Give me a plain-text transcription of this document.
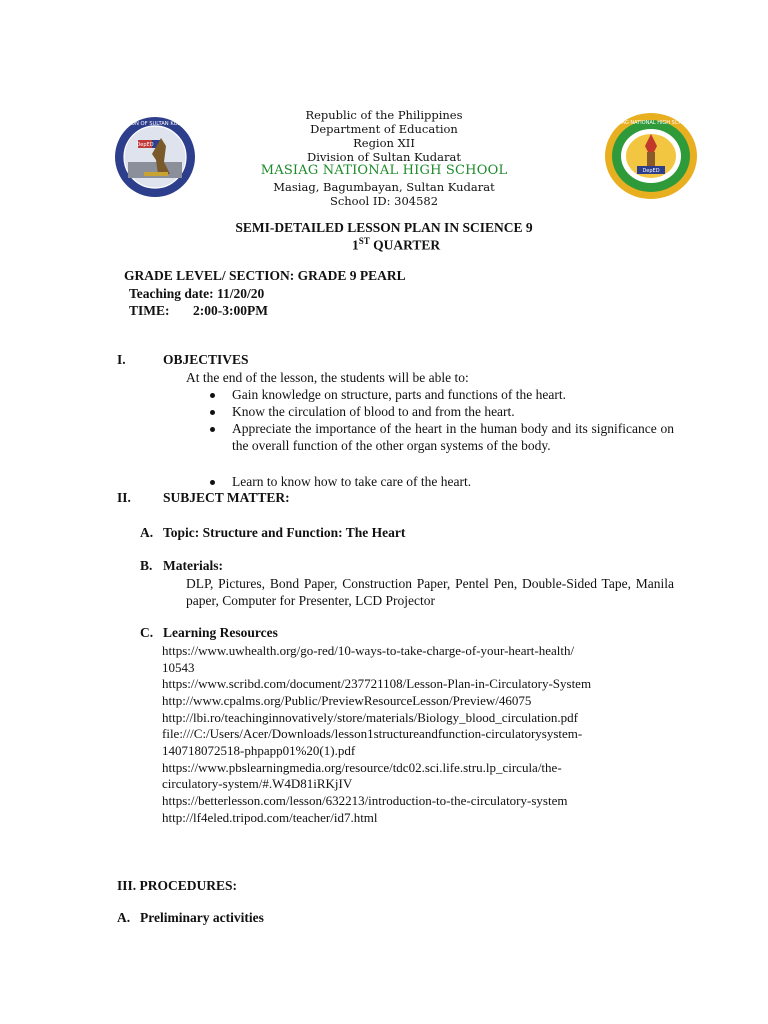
DIVISION OF SULTAN KUDARAT
DepED
DepED
MASIAG NATIONAL HIGH SCHOOL
Republic of the Philippines
Department of Education
Region XII
Division of Sultan Kudarat
MASIAG NATIONAL HIGH SCHOOL
Masiag, Bagumbayan, Sultan Kudarat
School ID: 304582
SEMI-DETAILED LESSON PLAN IN SCIENCE 9
1ST QUARTER
GRADE LEVEL/ SECTION: GRADE 9 PEARL
Teaching date: 11/20/20
TIME: 2:00-3:00PM
I.	OBJECTIVES
At the end of the lesson, the students will be able to:
Gain knowledge on structure, parts and functions of the heart.
Know the circulation of blood to and from the heart.
Appreciate the importance of the heart in the human body and its significance on the overall function of the other organ systems of the body.
Learn to know how to take care of the heart.
II. SUBJECT MATTER:
A. Topic: Structure and Function: The Heart
B. Materials:
DLP, Pictures, Bond Paper, Construction Paper, Pentel Pen, Double-Sided Tape, Manila paper, Computer for Presenter, LCD Projector
C. Learning Resources
https://www.uwhealth.org/go-red/10-ways-to-take-charge-of-your-heart-health/
10543
https://www.scribd.com/document/237721108/Lesson-Plan-in-Circulatory-System
http://www.cpalms.org/Public/PreviewResourceLesson/Preview/46075
http://lbi.ro/teachinginnovatively/store/materials/Biology_blood_circulation.pdf
file:///C:/Users/Acer/Downloads/lesson1structureandfunction-circulatorysystem-
140718072518-phpapp01%20(1).pdf
https://www.pbslearningmedia.org/resource/tdc02.sci.life.stru.lp_circula/the-
circulatory-system/#.W4D81iRKjIV
https://betterlesson.com/lesson/632213/introduction-to-the-circulatory-system
http://lf4eled.tripod.com/teacher/id7.html
III. PROCEDURES:
A. Preliminary activities
